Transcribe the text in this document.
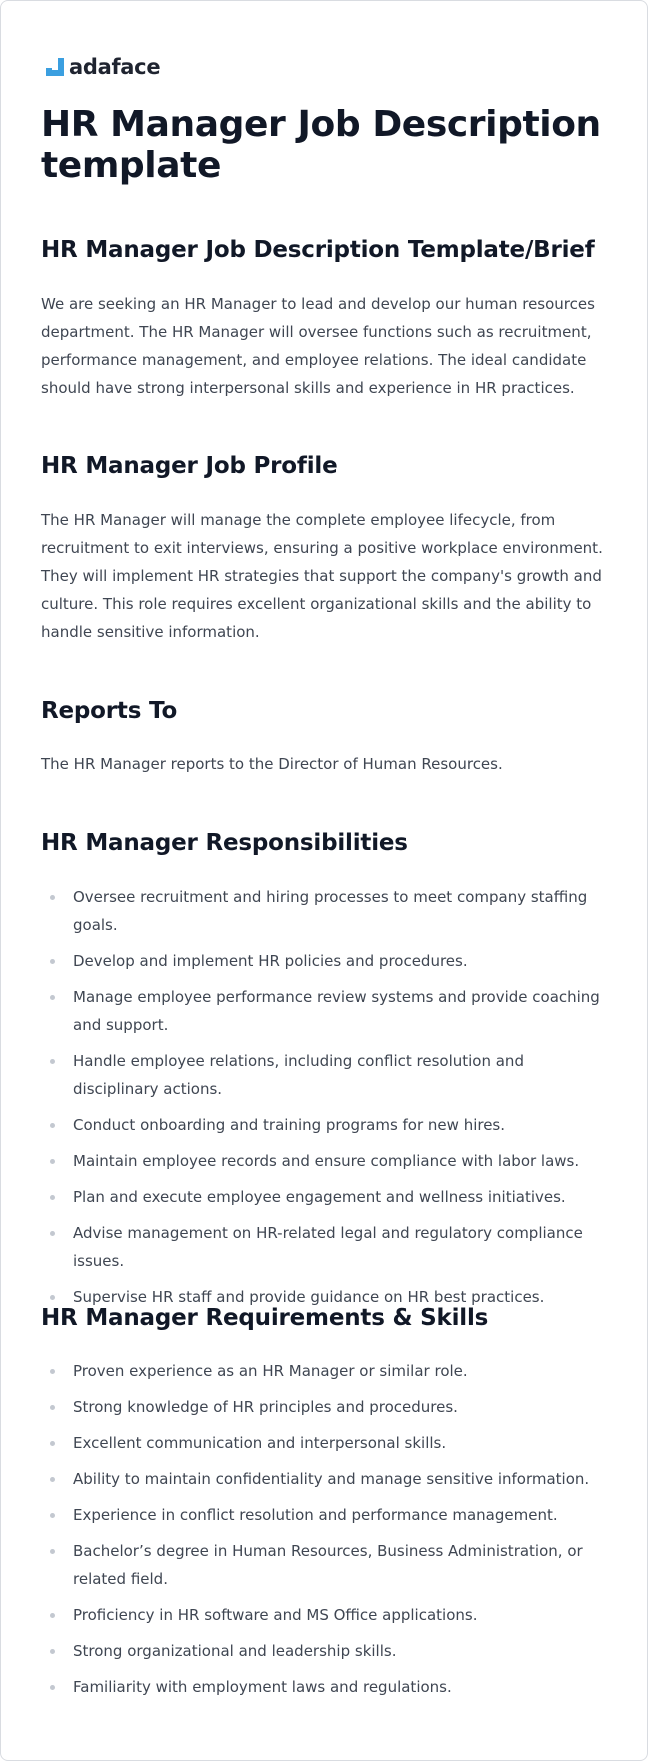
adaface
HR Manager Job Description template
HR Manager Job Description Template/Brief

We are seeking an HR Manager to lead and develop our human resources department. The HR Manager will oversee functions such as recruitment, performance management, and employee relations. The ideal candidate should have strong interpersonal skills and experience in HR practices.

HR Manager Job Profile

The HR Manager will manage the complete employee lifecycle, from recruitment to exit interviews, ensuring a positive workplace environment. They will implement HR strategies that support the company's growth and culture. This role requires excellent organizational skills and the ability to handle sensitive information.

Reports To

The HR Manager reports to the Director of Human Resources.

HR Manager Responsibilities
Oversee recruitment and hiring processes to meet company staffing goals.
Develop and implement HR policies and procedures.
Manage employee performance review systems and provide coaching and support.
Handle employee relations, including conflict resolution and disciplinary actions.
Conduct onboarding and training programs for new hires.
Maintain employee records and ensure compliance with labor laws.
Plan and execute employee engagement and wellness initiatives.
Advise management on HR-related legal and regulatory compliance issues.
Supervise HR staff and provide guidance on HR best practices.
HR Manager Requirements & Skills
Proven experience as an HR Manager or similar role.
Strong knowledge of HR principles and procedures.
Excellent communication and interpersonal skills.
Ability to maintain confidentiality and manage sensitive information.
Experience in conflict resolution and performance management.
Bachelor’s degree in Human Resources, Business Administration, or related field.
Proficiency in HR software and MS Office applications.
Strong organizational and leadership skills.
Familiarity with employment laws and regulations.
